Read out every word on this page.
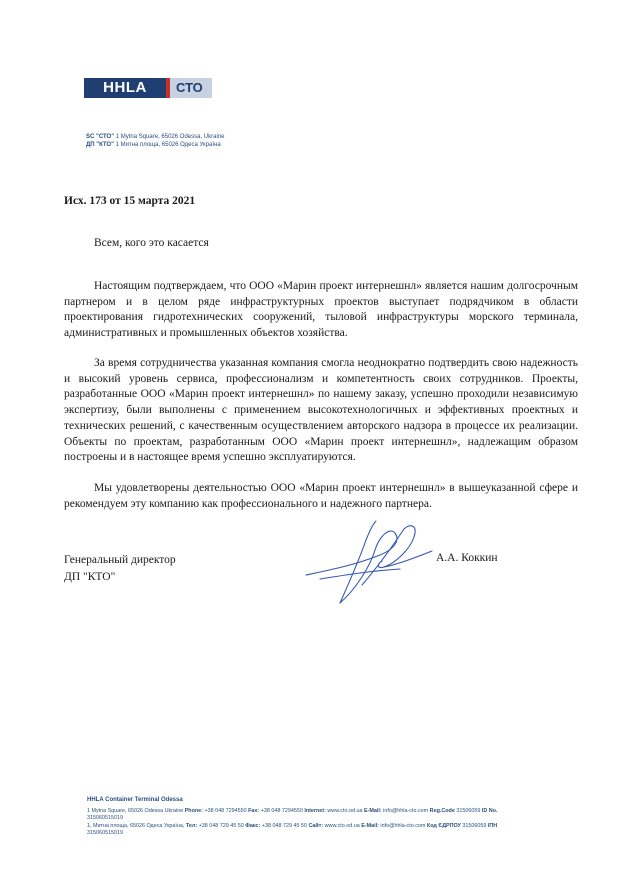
HHLA	СТО
SC "СТО" 1 Mytna Square, 65026 Odessa, Ukraine
ДП "КТО" 1 Митна площа, 65026 Одеса Україна
Исх. 173 от 15 марта 2021
Всем, кого это касается

Настоящим подтверждаем, что ООО «Марин проект интернешнл» является нашим долгосрочным партнером и в целом ряде инфраструктурных проектов выступает подрядчиком в области проектирования гидротехнических сооружений, тыловой инфраструктуры морского терминала, административных и промышленных объектов хозяйства.

За время сотрудничества указанная компания смогла неоднократно подтвердить свою надежность и высокий уровень сервиса, профессионализм и компетентность своих сотрудников. Проекты, разработанные ООО «Марин проект интернешнл» по нашему заказу, успешно проходили независимую экспертизу, были выполнены с применением высокотехнологичных и эффективных проектных и технических решений, с качественным осуществлением авторского надзора в процессе их реализации. Объекты по проектам, разработанным ООО «Марин проект интернешнл», надлежащим образом построены и в настоящее время успешно эксплуатируются.

Мы удовлетворены деятельностью ООО «Марин проект интернешнл» в вышеуказанной сфере и рекомендуем эту компанию как профессионального и надежного партнера.

Генеральный директор
ДП "КТО"
А.А. Коккин
HHLA Container Terminal Odessa
1 Mytna Square, 65026 Odessa Ukraine Phone: +38 048 7294550 Fax: +38 048 7294550 Internet: www.cto.od.ua E-Mail: info@hhla-cto.com Reg.Code 31506059 ID No.
315060515019
1, Митна площа, 65026 Одеса Україна, Тел: +38 048 729 45 50 Факс: +38 048 729 45 50 Сайт: www.cto.od.ua E-Mail: info@hhla-cto.com Код ЄДРПОУ 31506059 ІПН
315060515019
